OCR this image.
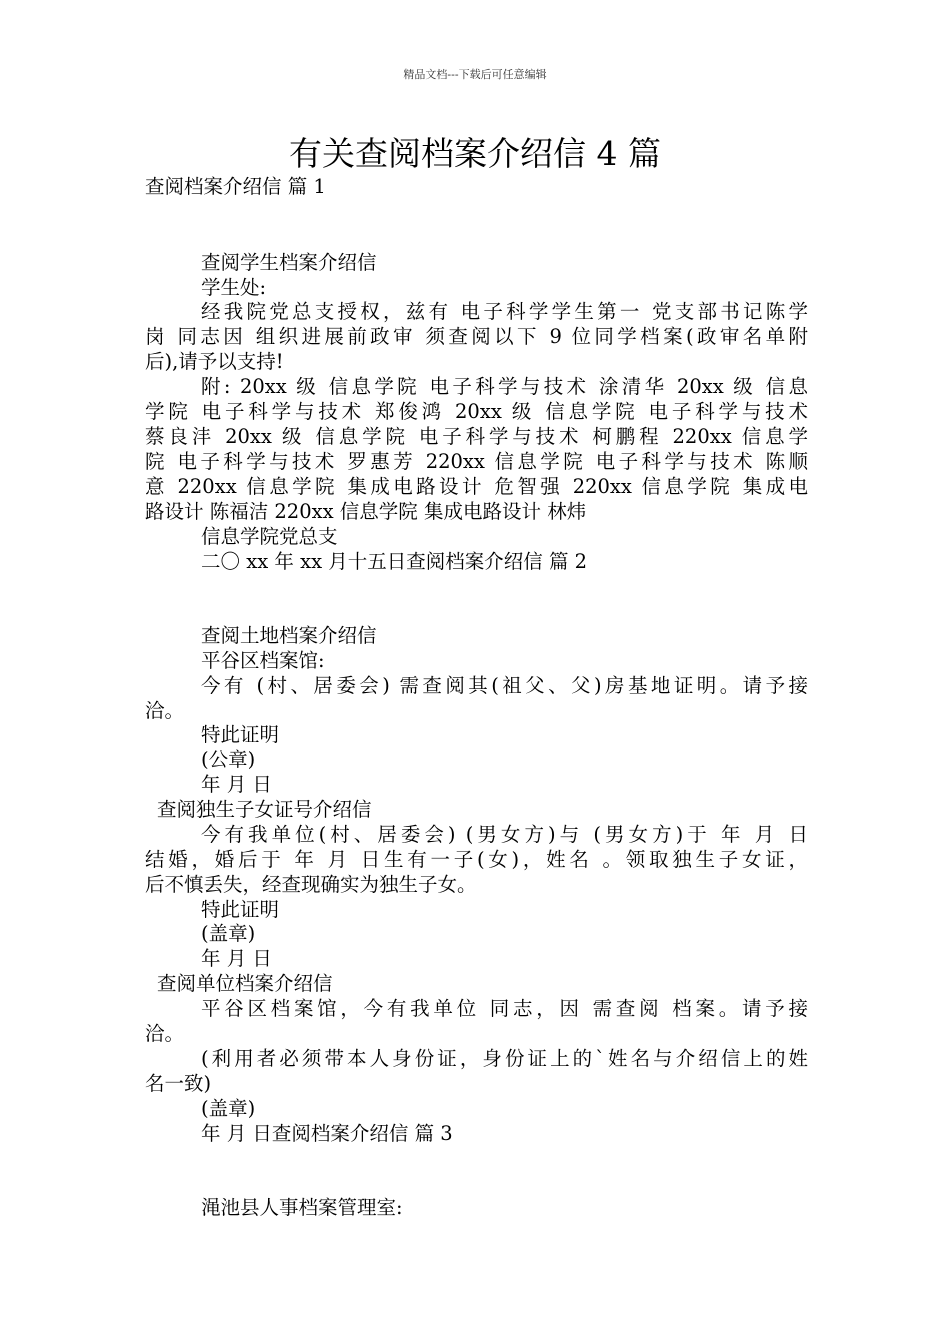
精品文档---下载后可任意编辑
有关查阅档案介绍信 4 篇
查阅档案介绍信 篇 1
查阅学生档案介绍信
学生处:
经我院党总支授权，兹有 电子科学学生第一 党支部书记陈学
岗 同志因 组织进展前政审 须查阅以下 9 位同学档案(政审名单附
后),请予以支持!
附: 20xx 级 信息学院 电子科学与技术 涂清华 20xx 级 信息
学院 电子科学与技术 郑俊鸿 20xx 级 信息学院 电子科学与技术
蔡良沣 20xx 级 信息学院 电子科学与技术 柯鹏程 220xx 信息学
院 电子科学与技术 罗惠芳 220xx 信息学院 电子科学与技术 陈顺
意 220xx 信息学院 集成电路设计 危智强 220xx 信息学院 集成电
路设计 陈福洁 220xx 信息学院 集成电路设计 林炜
信息学院党总支
二〇 xx 年 xx 月十五日查阅档案介绍信 篇 2
查阅土地档案介绍信
平谷区档案馆:
今有 (村、居委会) 需查阅其(祖父、父)房基地证明。请予接
洽。
特此证明
(公章)
年 月 日
查阅独生子女证号介绍信
今有我单位(村、居委会) (男女方)与 (男女方)于 年 月 日
结婚，婚后于 年 月 日生有一子(女)，姓名 。领取独生子女证，
后不慎丢失，经查现确实为独生子女。
特此证明
(盖章)
年 月 日
查阅单位档案介绍信
平谷区档案馆，今有我单位 同志，因 需查阅 档案。请予接
洽。
(利用者必须带本人身份证，身份证上的`姓名与介绍信上的姓
名一致)
(盖章)
年 月 日查阅档案介绍信 篇 3
渑池县人事档案管理室:
